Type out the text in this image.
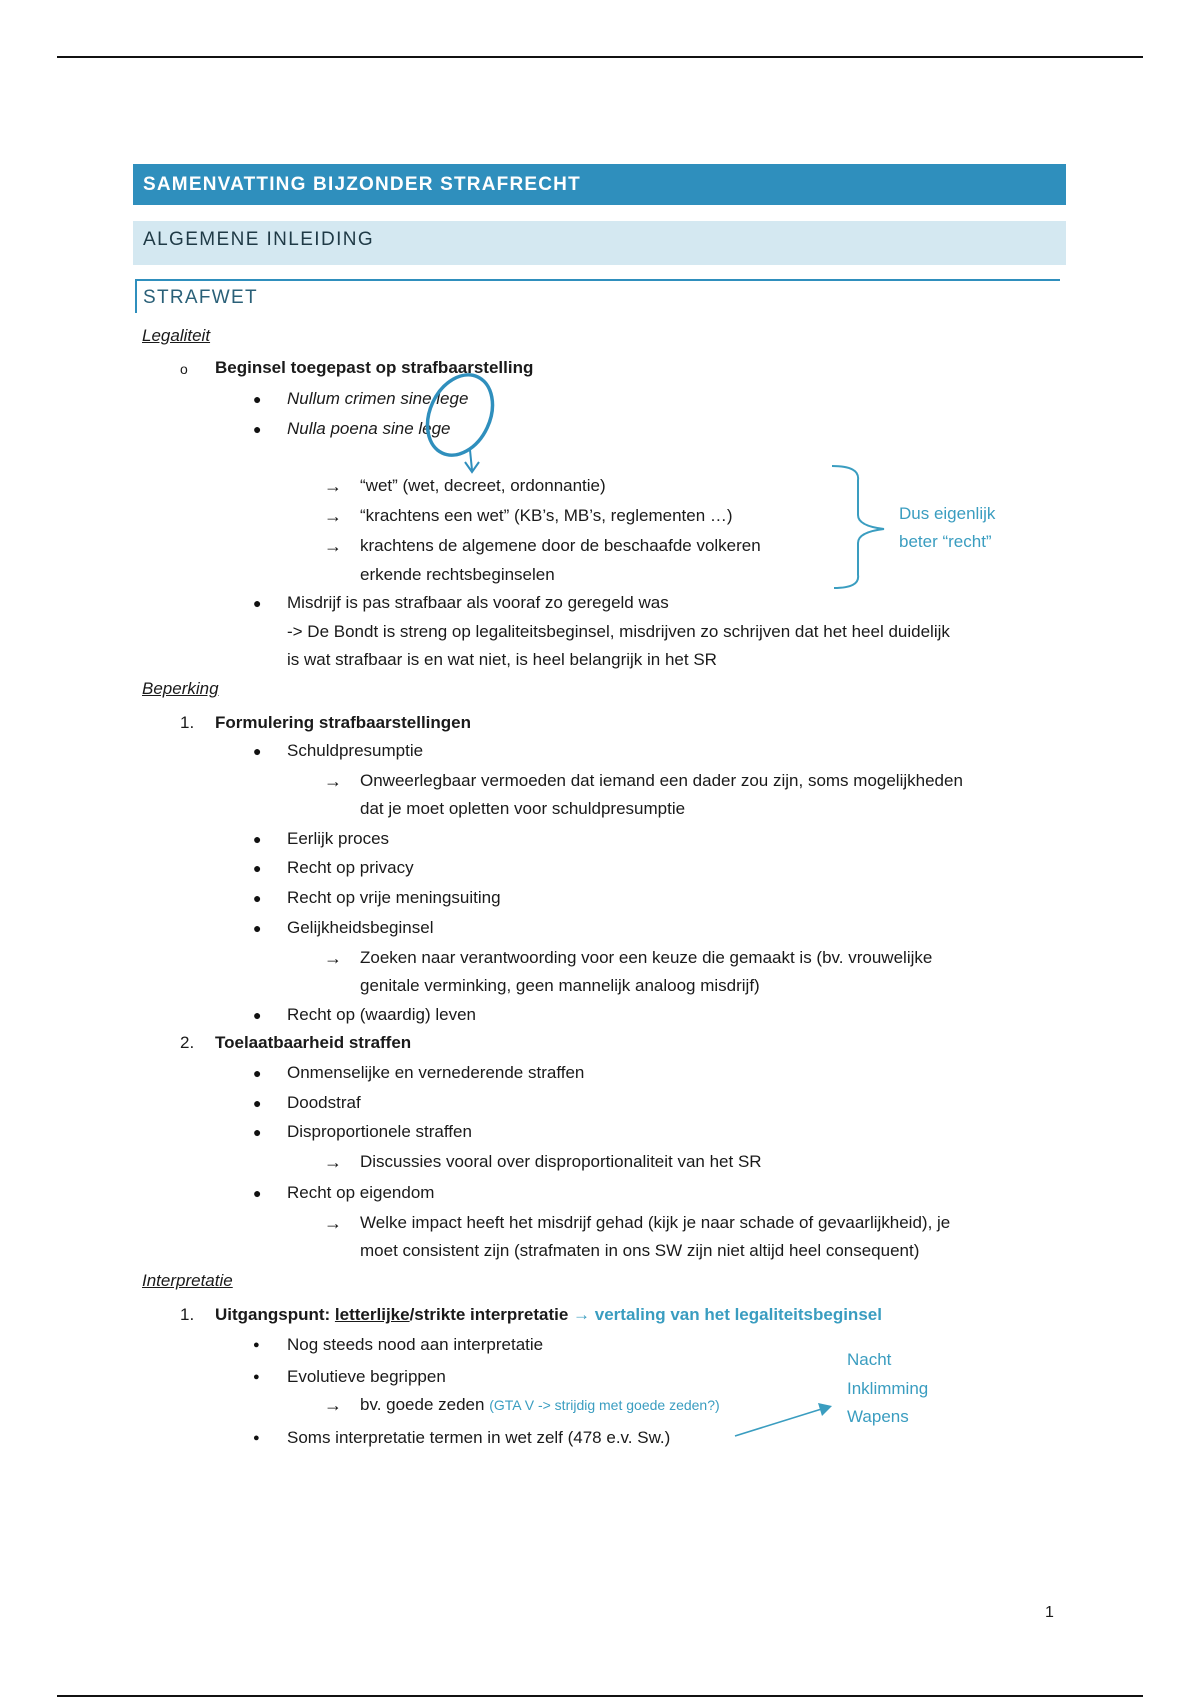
SAMENVATTING BIJZONDER STRAFRECHT
ALGEMENE INLEIDING
STRAFWET
Legaliteit
o Beginsel toegepast op strafbaarstelling
● Nullum crimen sine lege
● Nulla poena sine lege
→ “wet” (wet, decreet, ordonnantie)
→ “krachtens een wet” (KB’s, MB’s, reglementen …)
→ krachtens de algemene door de beschaafde volkeren
erkende rechtsbeginselen
Dus eigenlijk
beter “recht”
● Misdrijf is pas strafbaar als vooraf zo geregeld was
-> De Bondt is streng op legaliteitsbeginsel, misdrijven zo schrijven dat het heel duidelijk
is wat strafbaar is en wat niet, is heel belangrijk in het SR
Beperking
1. Formulering strafbaarstellingen
● Schuldpresumptie
→ Onweerlegbaar vermoeden dat iemand een dader zou zijn, soms mogelijkheden
dat je moet opletten voor schuldpresumptie
● Eerlijk proces
● Recht op privacy
● Recht op vrije meningsuiting
● Gelijkheidsbeginsel
→ Zoeken naar verantwoording voor een keuze die gemaakt is (bv. vrouwelijke
genitale verminking, geen mannelijk analoog misdrijf)
● Recht op (waardig) leven
2. Toelaatbaarheid straffen
● Onmenselijke en vernederende straffen
● Doodstraf
● Disproportionele straffen
→ Discussies vooral over disproportionaliteit van het SR
● Recht op eigendom
→ Welke impact heeft het misdrijf gehad (kijk je naar schade of gevaarlijkheid), je
moet consistent zijn (strafmaten in ons SW zijn niet altijd heel consequent)
Interpretatie
1. Uitgangspunt: letterlijke/strikte interpretatie → vertaling van het legaliteitsbeginsel
● Nog steeds nood aan interpretatie
● Evolutieve begrippen
→ bv. goede zeden (GTA V -> strijdig met goede zeden?)
● Soms interpretatie termen in wet zelf (478 e.v. Sw.)
Nacht
Inklimming
Wapens
1
